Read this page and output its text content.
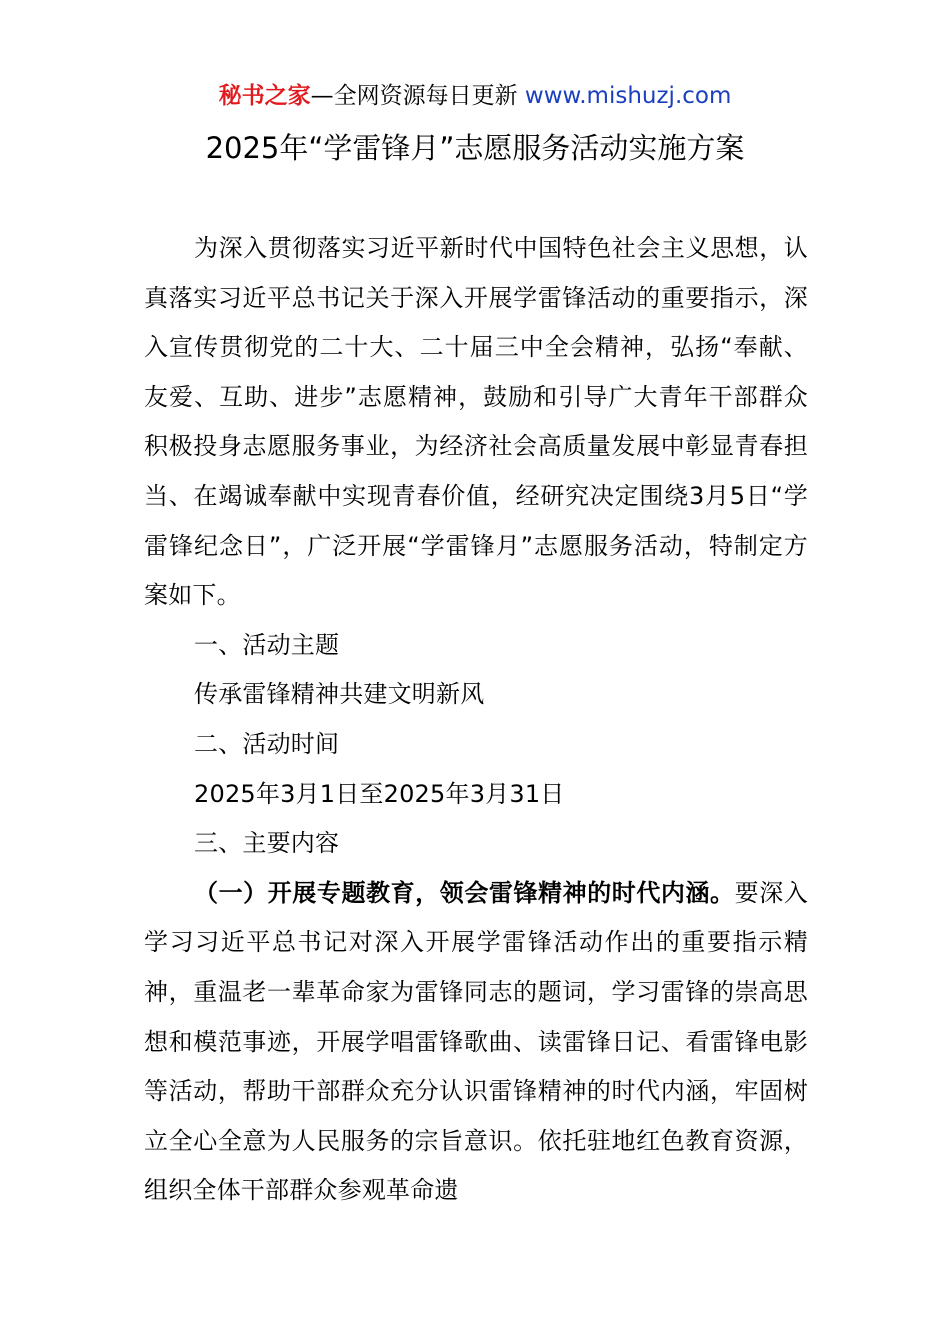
秘书之家—全网资源每日更新 www.mishuzj.com
2025年“学雷锋月”志愿服务活动实施方案

为深入贯彻落实习近平新时代中国特色社会主义思想，认真落实习近平总书记关于深入开展学雷锋活动的重要指示，深入宣传贯彻党的二十大、二十届三中全会精神，弘扬“奉献、友爱、互助、进步”志愿精神，鼓励和引导广大青年干部群众积极投身志愿服务事业，为经济社会高质量发展中彰显青春担当、在竭诚奉献中实现青春价值，经研究决定围绕3月5日“学雷锋纪念日”，广泛开展“学雷锋月”志愿服务活动，特制定方案如下。

一、活动主题

传承雷锋精神共建文明新风

二、活动时间

2025年3月1日至2025年3月31日

三、主要内容

（一）开展专题教育，领会雷锋精神的时代内涵。要深入学习习近平总书记对深入开展学雷锋活动作出的重要指示精神，重温老一辈革命家为雷锋同志的题词，学习雷锋的崇高思想和模范事迹，开展学唱雷锋歌曲、读雷锋日记、看雷锋电影等活动，帮助干部群众充分认识雷锋精神的时代内涵，牢固树立全心全意为人民服务的宗旨意识。依托驻地红色教育资源，组织全体干部群众参观革命遗
